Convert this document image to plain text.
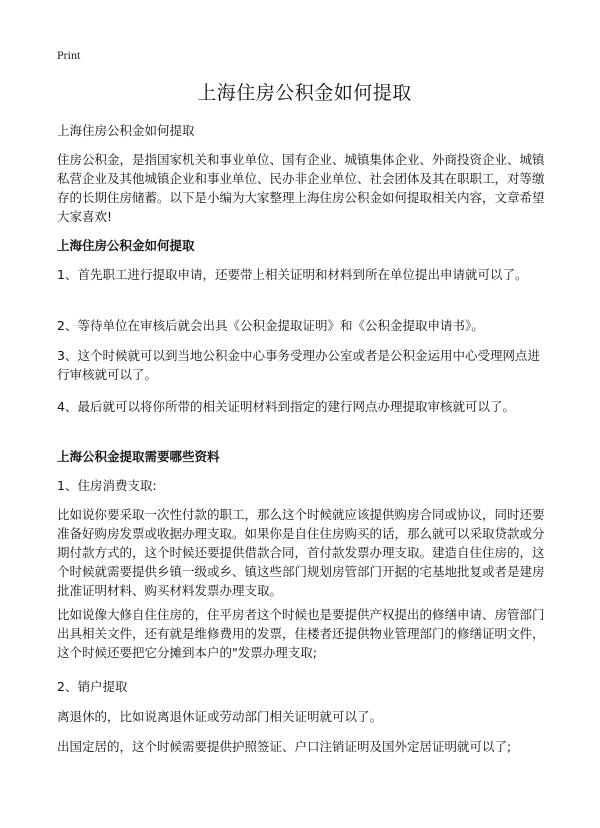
Print
上海住房公积金如何提取

上海住房公积金如何提取

住房公积金，是指国家机关和事业单位、国有企业、城镇集体企业、外商投资企业、城镇私营企业及其他城镇企业和事业单位、民办非企业单位、社会团体及其在职职工，对等缴存的长期住房储蓄。以下是小编为大家整理上海住房公积金如何提取相关内容，文章希望大家喜欢!

上海住房公积金如何提取

1、首先职工进行提取申请，还要带上相关证明和材料到所在单位提出申请就可以了。

2、等待单位在审核后就会出具《公积金提取证明》和《公积金提取申请书》。

3、这个时候就可以到当地公积金中心事务受理办公室或者是公积金运用中心受理网点进行审核就可以了。

4、最后就可以将你所带的相关证明材料到指定的建行网点办理提取审核就可以了。

上海公积金提取需要哪些资料

1、住房消费支取:

比如说你要采取一次性付款的职工，那么这个时候就应该提供购房合同或协议，同时还要准备好购房发票或收据办理支取。如果你是自住住房购买的话，那么就可以采取贷款或分期付款方式的，这个时候还要提供借款合同，首付款发票办理支取。建造自住住房的，这个时候就需要提供乡镇一级或乡、镇这些部门规划房管部门开据的宅基地批复或者是建房批准证明材料、购买材料发票办理支取。

比如说像大修自住住房的，住平房者这个时候也是要提供产权提出的修缮申请、房管部门出具相关文件，还有就是维修费用的发票，住楼者还提供物业管理部门的修缮证明文件，这个时候还要把它分摊到本户的"发票办理支取;

2、销户提取

离退休的，比如说离退休证或劳动部门相关证明就可以了。

出国定居的，这个时候需要提供护照签证、户口注销证明及国外定居证明就可以了;
